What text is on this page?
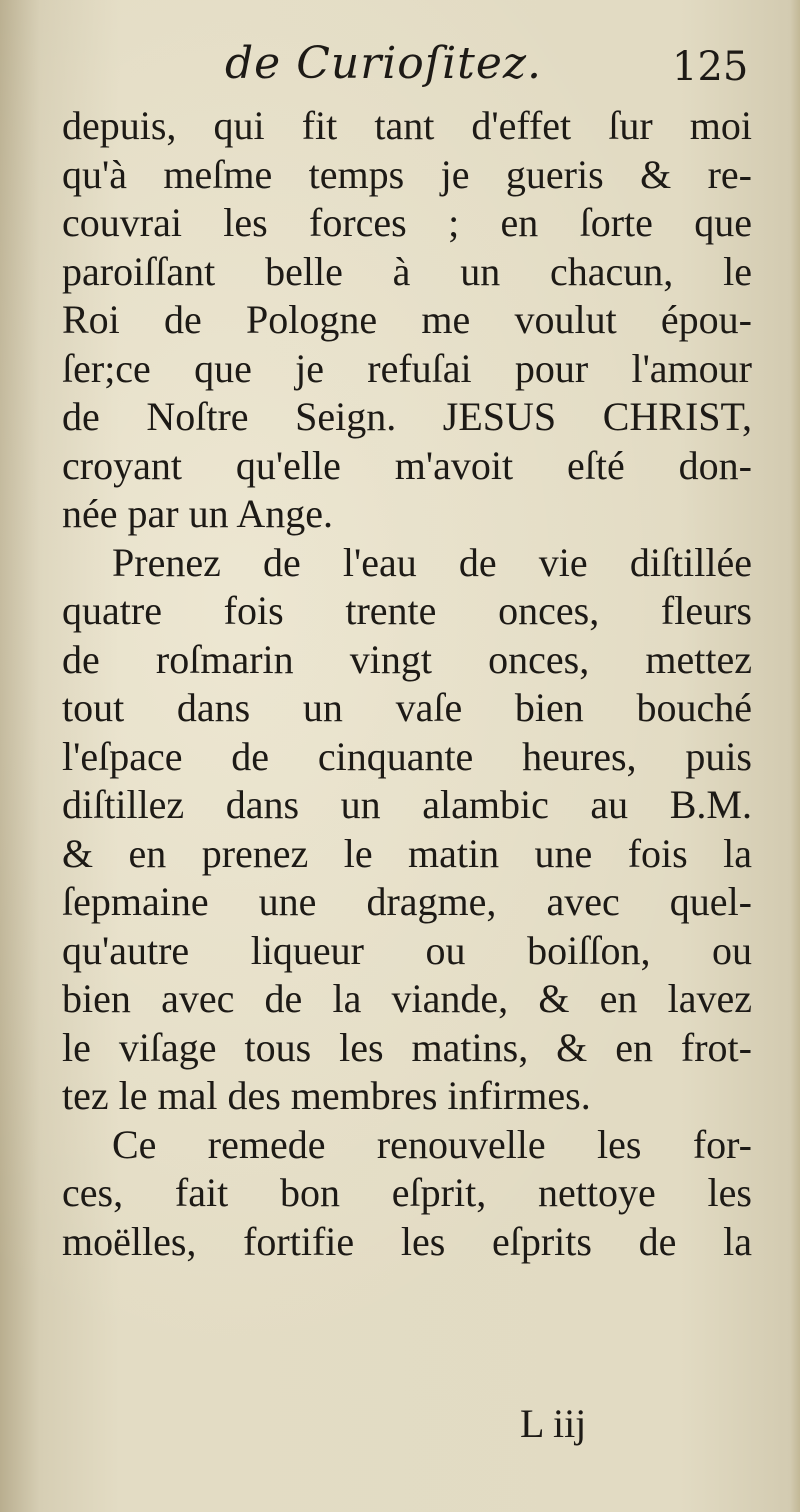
de Curioſitez.	125
depuis, qui fit tant d'effet ſur moi
qu'à meſme temps je gueris & re-
couvrai les forces ; en ſorte que
paroiſſant belle à un chacun, le
Roi de Pologne me voulut épou-
ſer;ce que je refuſai pour l'amour
de Noſtre Seign. JESUS CHRIST,
croyant qu'elle m'avoit eſté don-
née par un Ange.
Prenez de l'eau de vie diſtillée
quatre fois trente onces, fleurs
de roſmarin vingt onces, mettez
tout dans un vaſe bien bouché
l'eſpace de cinquante heures, puis
diſtillez dans un alambic au B.M.
& en prenez le matin une fois la
ſepmaine une dragme, avec quel-
qu'autre liqueur ou boiſſon, ou
bien avec de la viande, & en lavez
le viſage tous les matins, & en frot-
tez le mal des membres infirmes.
Ce remede renouvelle les for-
ces, fait bon eſprit, nettoye les
moëlles, fortifie les eſprits de la
L iij
